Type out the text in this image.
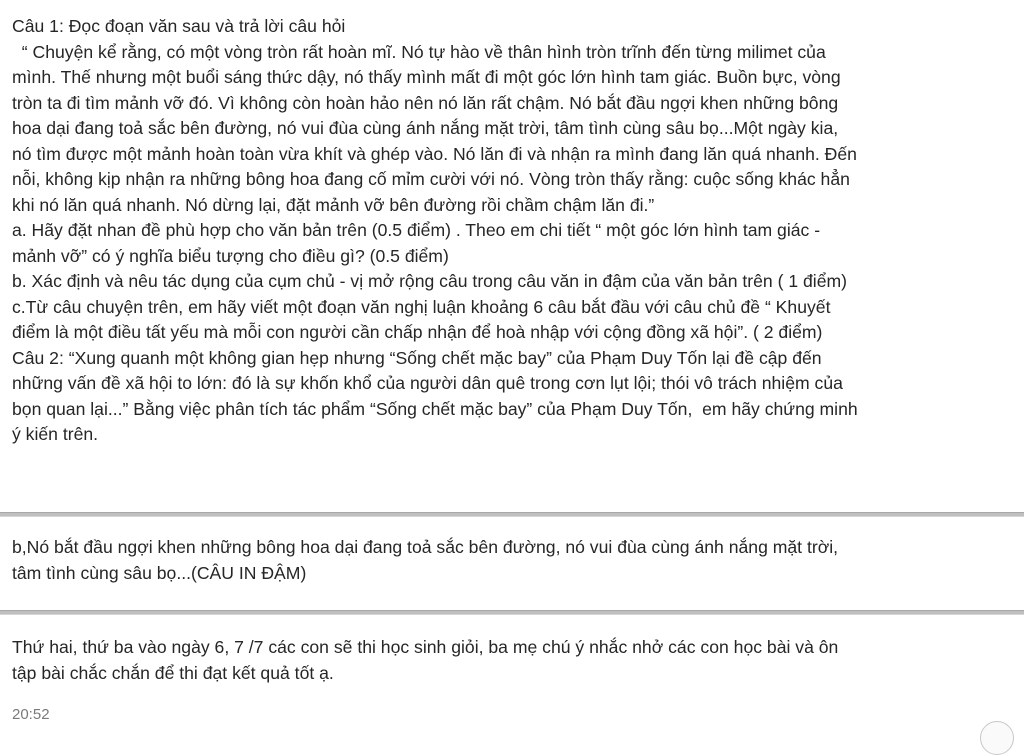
Câu 1: Đọc đoạn văn sau và trả lời câu hỏi
“ Chuyện kể rằng, có một vòng tròn rất hoàn mĩ. Nó tự hào về thân hình tròn trĩnh đến từng milimet của
mình. Thế nhưng một buổi sáng thức dậy, nó thấy mình mất đi một góc lớn hình tam giác. Buồn bực, vòng
tròn ta đi tìm mảnh vỡ đó. Vì không còn hoàn hảo nên nó lăn rất chậm. Nó bắt đầu ngợi khen những bông
hoa dại đang toả sắc bên đường, nó vui đùa cùng ánh nắng mặt trời, tâm tình cùng sâu bọ...Một ngày kia,
nó tìm được một mảnh hoàn toàn vừa khít và ghép vào. Nó lăn đi và nhận ra mình đang lăn quá nhanh. Đến
nỗi, không kịp nhận ra những bông hoa đang cố mỉm cười với nó. Vòng tròn thấy rằng: cuộc sống khác hẳn
khi nó lăn quá nhanh. Nó dừng lại, đặt mảnh vỡ bên đường rồi chầm chậm lăn đi.”
a. Hãy đặt nhan đề phù hợp cho văn bản trên (0.5 điểm) . Theo em chi tiết “ một góc lớn hình tam giác -
mảnh vỡ” có ý nghĩa biểu tượng cho điều gì? (0.5 điểm)
b. Xác định và nêu tác dụng của cụm chủ - vị mở rộng câu trong câu văn in đậm của văn bản trên ( 1 điểm)
c.Từ câu chuyện trên, em hãy viết một đoạn văn nghị luận khoảng 6 câu bắt đầu với câu chủ đề “ Khuyết
điểm là một điều tất yếu mà mỗi con người cần chấp nhận để hoà nhập với cộng đồng xã hội”. ( 2 điểm)
Câu 2: “Xung quanh một không gian hẹp nhưng “Sống chết mặc bay” của Phạm Duy Tốn lại đề cập đến
những vấn đề xã hội to lớn: đó là sự khốn khổ của người dân quê trong cơn lụt lội; thói vô trách nhiệm của
bọn quan lại...” Bằng việc phân tích tác phẩm “Sống chết mặc bay” của Phạm Duy Tốn,  em hãy chứng minh
ý kiến trên.
b,Nó bắt đầu ngợi khen những bông hoa dại đang toả sắc bên đường, nó vui đùa cùng ánh nắng mặt trời,
tâm tình cùng sâu bọ...(CÂU IN ĐẬM)
Thứ hai, thứ ba vào ngày 6, 7 /7 các con sẽ thi học sinh giỏi, ba mẹ chú ý nhắc nhở các con học bài và ôn
tập bài chắc chắn để thi đạt kết quả tốt ạ.
20:52
